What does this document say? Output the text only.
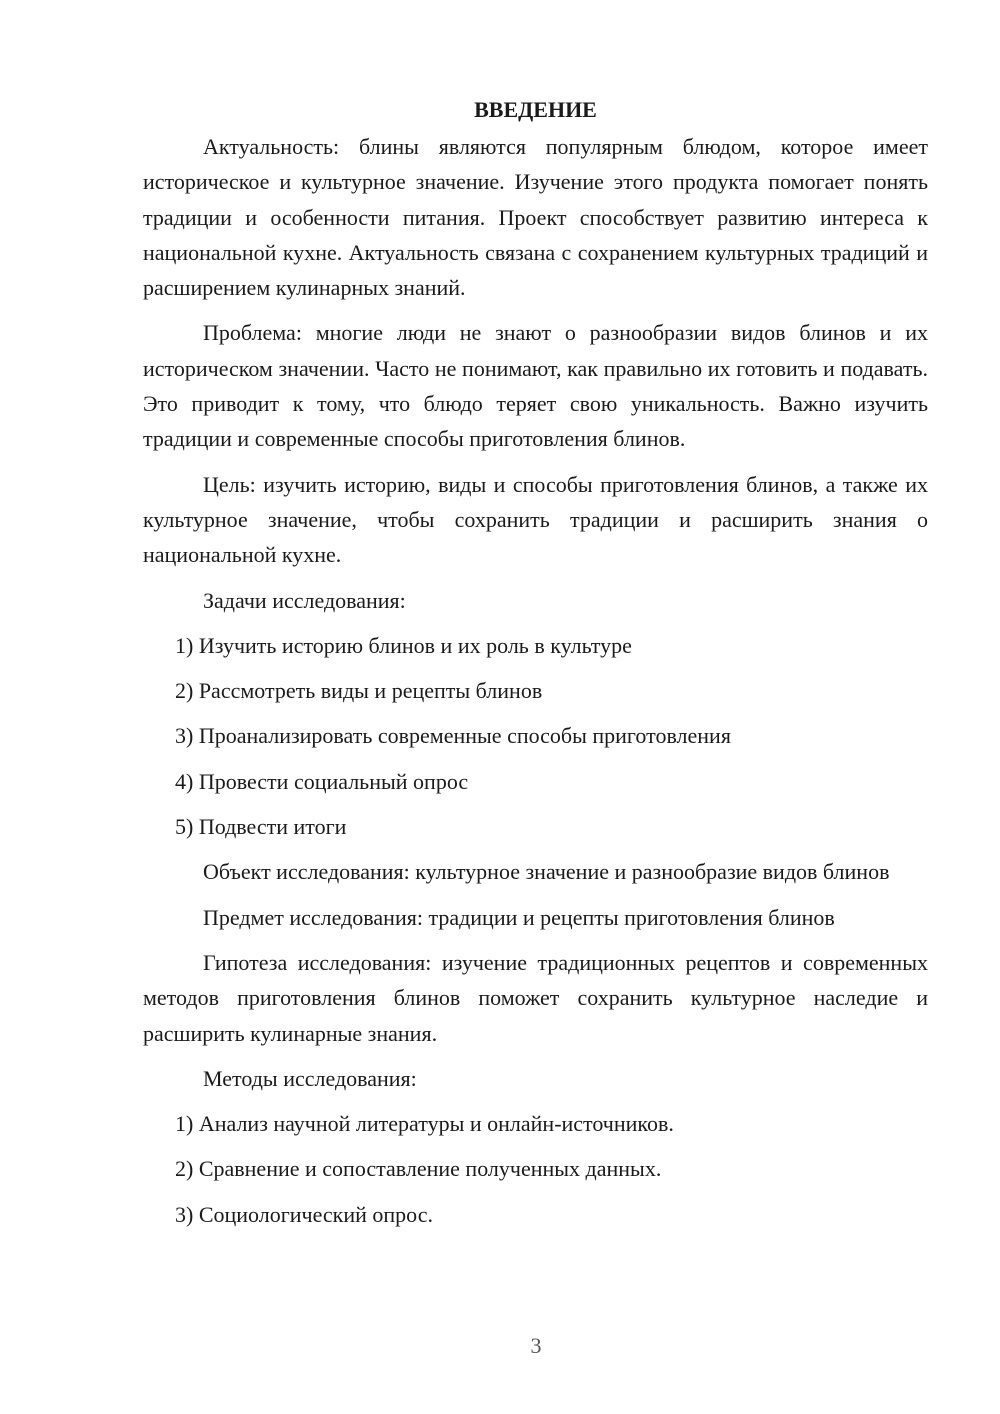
ВВЕДЕНИЕ

Актуальность: блины являются популярным блюдом, которое имеет историческое и культурное значение. Изучение этого продукта помогает понять традиции и особенности питания. Проект способствует развитию интереса к национальной кухне. Актуальность связана с сохранением культурных традиций и расширением кулинарных знаний.

Проблема: многие люди не знают о разнообразии видов блинов и их историческом значении. Часто не понимают, как правильно их готовить и подавать. Это приводит к тому, что блюдо теряет свою уникальность. Важно изучить традиции и современные способы приготовления блинов.

Цель: изучить историю, виды и способы приготовления блинов, а также их культурное значение, чтобы сохранить традиции и расширить знания о национальной кухне.

Задачи исследования:
1) Изучить историю блинов и их роль в культуре
2) Рассмотреть виды и рецепты блинов
3) Проанализировать современные способы приготовления
4) Провести социальный опрос
5) Подвести итоги

Объект исследования: культурное значение и разнообразие видов блинов

Предмет исследования: традиции и рецепты приготовления блинов

Гипотеза исследования: изучение традиционных рецептов и современных методов приготовления блинов поможет сохранить культурное наследие и расширить кулинарные знания.

Методы исследования:
1) Анализ научной литературы и онлайн-источников.
2) Сравнение и сопоставление полученных данных.
3) Социологический опрос.
3
